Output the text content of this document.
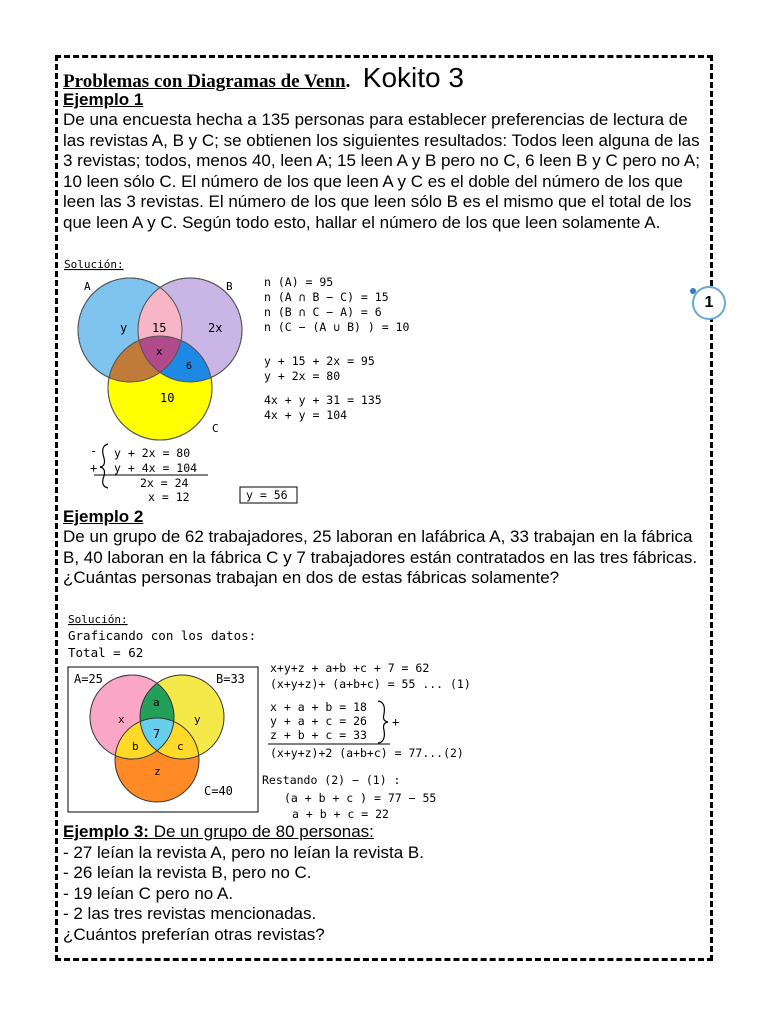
1
Problemas con Diagramas de Venn. Kokito 3
Ejemplo 1
De una encuesta hecha a 135 personas para establecer preferencias de lectura de las revistas A, B y C; se obtienen los siguientes resultados: Todos leen alguna de las 3 revistas; todos, menos 40, leen A; 15 leen A y B pero no C, 6 leen B y C pero no A; 10 leen sólo C. El número de los que leen A y C es el doble del número de los que leen las 3 revistas. El número de los que leen sólo B es el mismo que el total de los que leen A y C. Según todo esto, hallar el número de los que leen solamente A.
Solución:
A	B
C
y 15	2x
x
6
10
n (A) = 95
n (A ∩ B − C) = 15
n (B ∩ C − A) = 6
n (C − (A ∪ B) ) = 10
y + 15 + 2x = 95
y + 2x = 80
4x + y + 31 = 135
4x + y = 104
-
+
y + 2x = 80
y + 4x = 104
2x = 24
x = 12	y = 56
Ejemplo 2
De un grupo de 62 trabajadores, 25 laboran en lafábrica A, 33 trabajan en la fábrica B, 40 laboran en la fábrica C y 7 trabajadores están contratados en las tres fábricas. ¿Cuántas personas trabajan en dos de estas fábricas solamente?
Solución:
Graficando con los datos:
Total = 62
A=25	B=33
C=40
x	y
z
a
b	c
7
x+y+z + a+b +c + 7 = 62
(x+y+z)+ (a+b+c) = 55 ... (1)
x + a + b = 18
y + a + c = 26
z + b + c = 33
+
(x+y+z)+2 (a+b+c) = 77...(2)
Restando (2) − (1) :
(a + b + c ) = 77 − 55
a + b + c = 22
Ejemplo 3: De un grupo de 80 personas:
- 27 leían la revista A, pero no leían la revista B.
- 26 leían la revista B, pero no C.
- 19 leían C pero no A.
- 2 las tres revistas mencionadas.
¿Cuántos preferían otras revistas?
